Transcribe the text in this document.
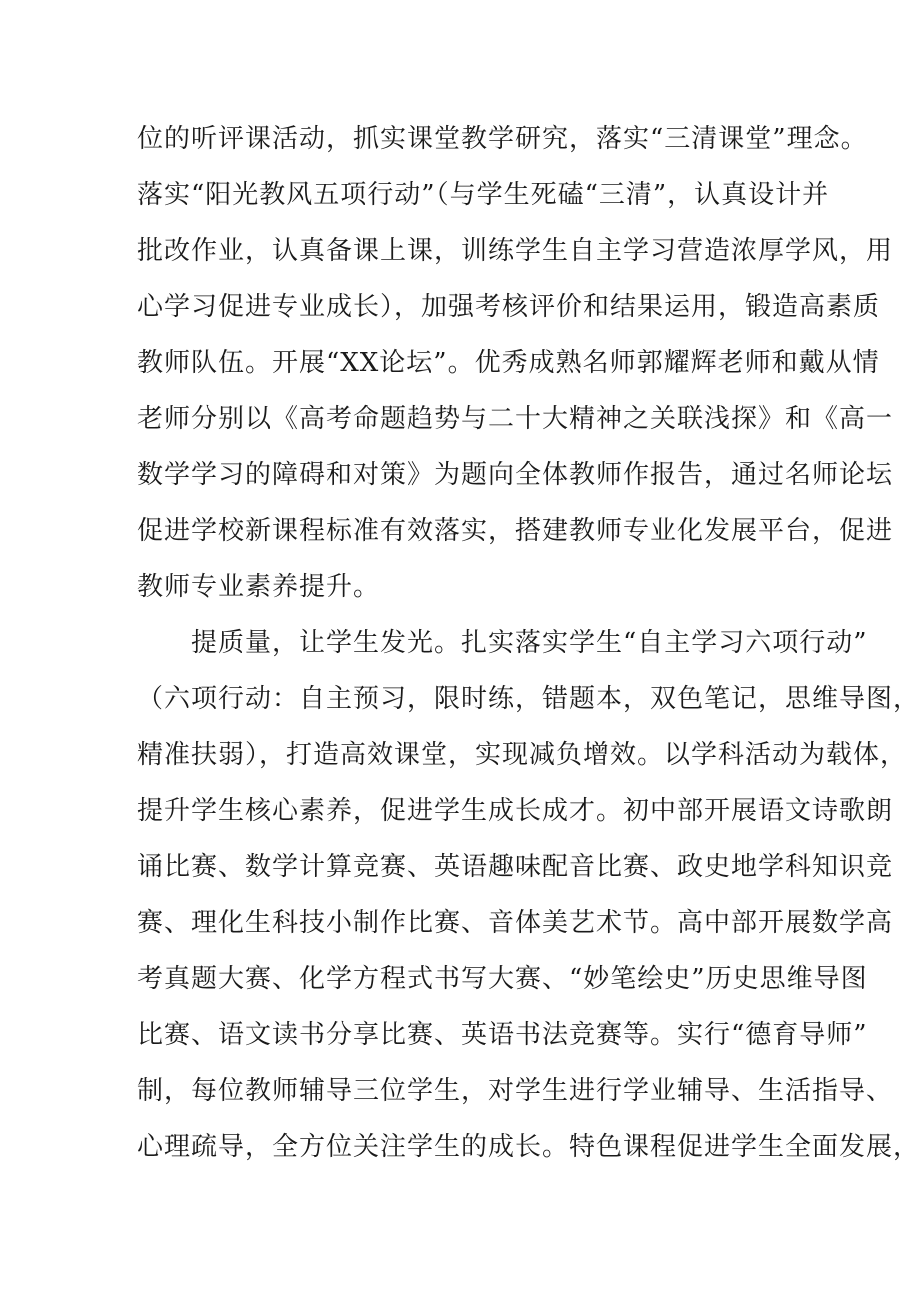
位的听评课活动，抓实课堂教学研究，落实“三清课堂”理念。
落实“阳光教风五项行动”（与学生死磕“三清”，认真设计并
批改作业，认真备课上课，训练学生自主学习营造浓厚学风，用
心学习促进专业成长），加强考核评价和结果运用，锻造高素质
教师队伍。开展“XX论坛”。优秀成熟名师郭耀辉老师和戴从情
老师分别以《高考命题趋势与二十大精神之关联浅探》和《高一
数学学习的障碍和对策》为题向全体教师作报告，通过名师论坛
促进学校新课程标准有效落实，搭建教师专业化发展平台，促进
教师专业素养提升。
　　提质量，让学生发光。扎实落实学生“自主学习六项行动”
（六项行动：自主预习，限时练，错题本，双色笔记，思维导图，
精准扶弱），打造高效课堂，实现减负增效。以学科活动为载体，
提升学生核心素养，促进学生成长成才。初中部开展语文诗歌朗
诵比赛、数学计算竞赛、英语趣味配音比赛、政史地学科知识竞
赛、理化生科技小制作比赛、音体美艺术节。高中部开展数学高
考真题大赛、化学方程式书写大赛、“妙笔绘史”历史思维导图
比赛、语文读书分享比赛、英语书法竞赛等。实行“德育导师”
制，每位教师辅导三位学生，对学生进行学业辅导、生活指导、
心理疏导，全方位关注学生的成长。特色课程促进学生全面发展，
